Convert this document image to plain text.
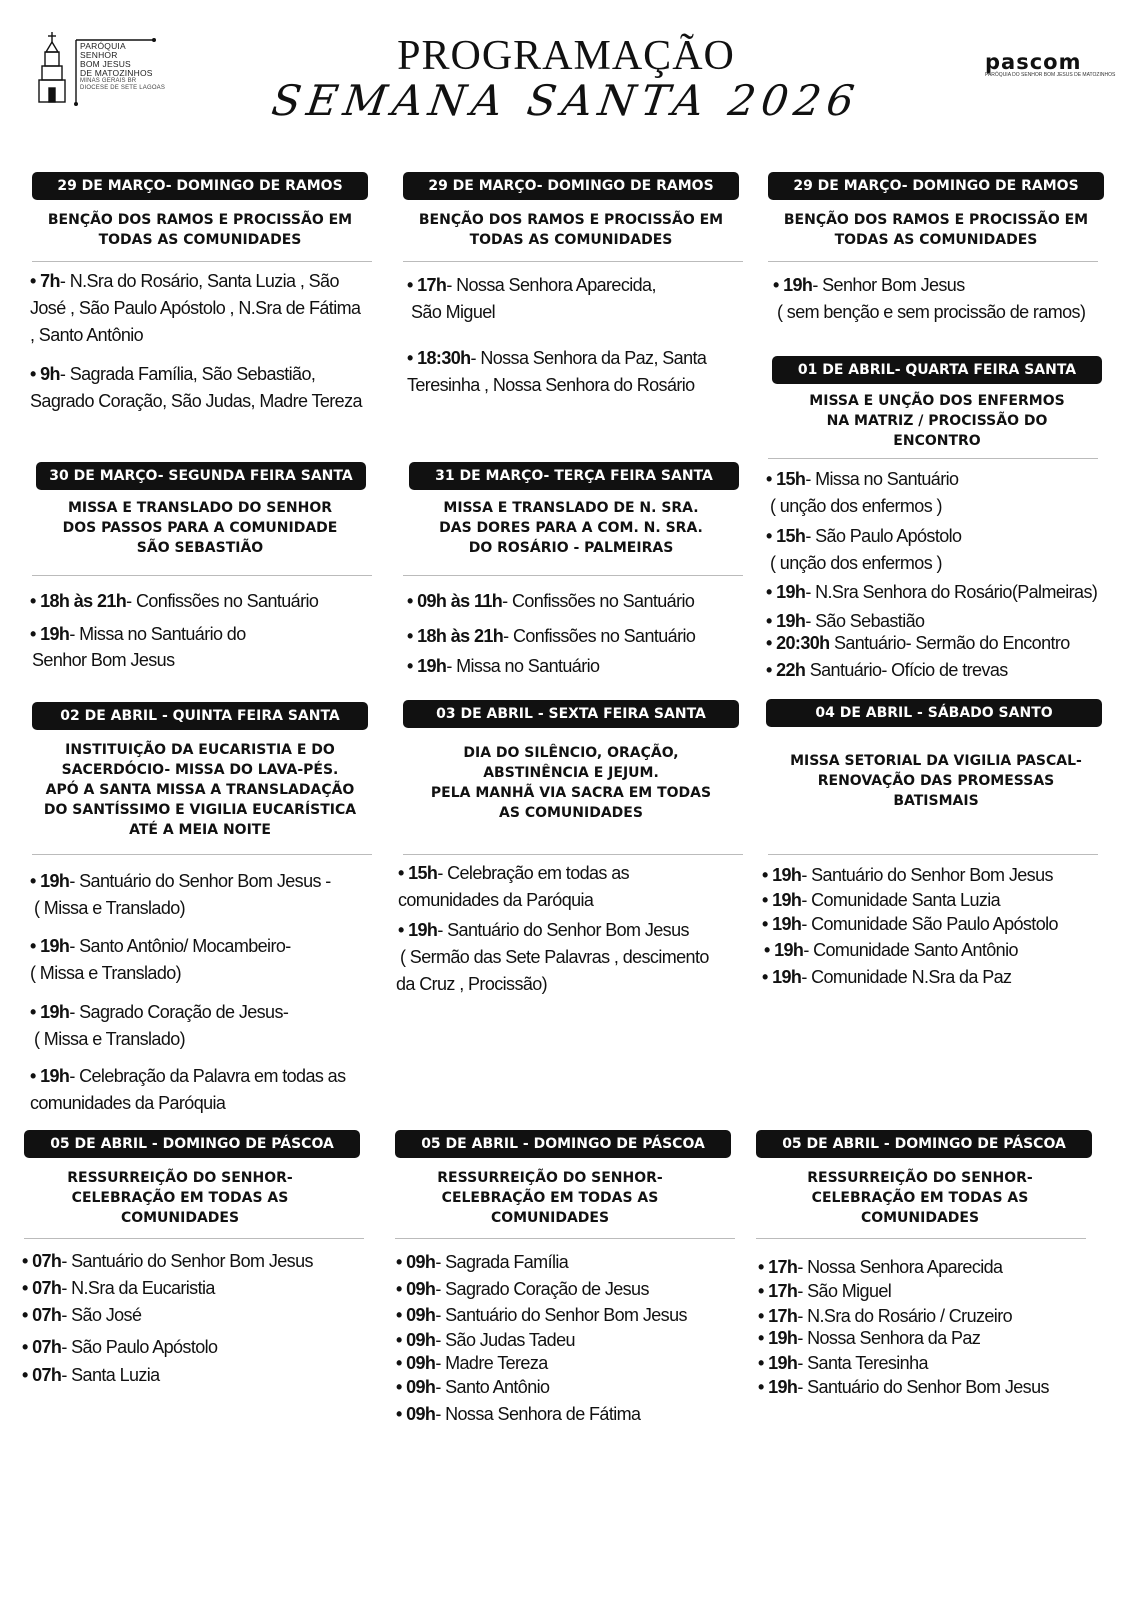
PARÓQUIA
SENHOR
BOM JESUS
DE MATOZINHOS
MINAS GERAIS BR
DIOCESE DE SETE LAGOAS
PROGRAMAÇÃO
SEMANA SANTA 2026
pascom
PARÓQUIA DO SENHOR BOM JESUS DE MATOZINHOS
29 DE MARÇO- DOMINGO DE RAMOS	29 DE MARÇO- DOMINGO DE RAMOS	29 DE MARÇO- DOMINGO DE RAMOS
BENÇÃO DOS RAMOS E PROCISSÃO EM
TODAS AS COMUNIDADES
BENÇÃO DOS RAMOS E PROCISSÃO EM
TODAS AS COMUNIDADES
BENÇÃO DOS RAMOS E PROCISSÃO EM
TODAS AS COMUNIDADES
• 7h- N.Sra do Rosário, Santa Luzia , São
José , São Paulo Apóstolo , N.Sra de Fátima
, Santo Antônio
• 9h- Sagrada Família, São Sebastião,
Sagrado Coração, São Judas, Madre Tereza
• 17h- Nossa Senhora Aparecida,
São Miguel
• 18:30h- Nossa Senhora da Paz, Santa
Teresinha , Nossa Senhora do Rosário
• 19h- Senhor Bom Jesus
( sem benção e sem procissão de ramos)
01 DE ABRIL- QUARTA FEIRA SANTA
MISSA E UNÇÃO DOS ENFERMOS
NA MATRIZ / PROCISSÃO DO
ENCONTRO
• 15h- Missa no Santuário
( unção dos enfermos )
• 15h- São Paulo Apóstolo
( unção dos enfermos )
• 19h- N.Sra Senhora do Rosário(Palmeiras)
• 19h- São Sebastião
• 20:30h Santuário- Sermão do Encontro
• 22h Santuário- Ofício de trevas
30 DE MARÇO- SEGUNDA FEIRA SANTA	31 DE MARÇO- TERÇA FEIRA SANTA
MISSA E TRANSLADO DO SENHOR
DOS PASSOS PARA A COMUNIDADE
SÃO SEBASTIÃO
MISSA E TRANSLADO DE N. SRA.
DAS DORES PARA A COM. N. SRA.
DO ROSÁRIO - PALMEIRAS
• 18h às 21h- Confissões no Santuário
• 19h- Missa no Santuário do
Senhor Bom Jesus
• 09h às 11h- Confissões no Santuário
• 18h às 21h- Confissões no Santuário
• 19h- Missa no Santuário
02 DE ABRIL - QUINTA FEIRA SANTA	03 DE ABRIL - SEXTA FEIRA SANTA	04 DE ABRIL - SÁBADO SANTO
INSTITUIÇÃO DA EUCARISTIA E DO
SACERDÓCIO- MISSA DO LAVA-PÉS.
APÓ A SANTA MISSA A TRANSLADAÇÃO
DO SANTÍSSIMO E VIGILIA EUCARÍSTICA
ATÉ A MEIA NOITE
DIA DO SILÊNCIO, ORAÇÃO,
ABSTINÊNCIA E JEJUM.
PELA MANHÃ VIA SACRA EM TODAS
AS COMUNIDADES
MISSA SETORIAL DA VIGILIA PASCAL-
RENOVAÇÃO DAS PROMESSAS
BATISMAIS
• 19h- Santuário do Senhor Bom Jesus -
( Missa e Translado)
• 19h- Santo Antônio/ Mocambeiro-
( Missa e Translado)
• 19h- Sagrado Coração de Jesus-
( Missa e Translado)
• 19h- Celebração da Palavra em todas as
comunidades da Paróquia
• 15h- Celebração em todas as
comunidades da Paróquia
• 19h- Santuário do Senhor Bom Jesus
( Sermão das Sete Palavras , descimento
da Cruz , Procissão)
• 19h- Santuário do Senhor Bom Jesus
• 19h- Comunidade Santa Luzia
• 19h- Comunidade São Paulo Apóstolo
• 19h- Comunidade Santo Antônio
• 19h- Comunidade N.Sra da Paz
05 DE ABRIL - DOMINGO DE PÁSCOA	05 DE ABRIL - DOMINGO DE PÁSCOA	05 DE ABRIL - DOMINGO DE PÁSCOA
RESSURREIÇÃO DO SENHOR-
CELEBRAÇÃO EM TODAS AS
COMUNIDADES
RESSURREIÇÃO DO SENHOR-
CELEBRAÇÃO EM TODAS AS
COMUNIDADES
RESSURREIÇÃO DO SENHOR-
CELEBRAÇÃO EM TODAS AS
COMUNIDADES
• 07h- Santuário do Senhor Bom Jesus
• 07h- N.Sra da Eucaristia
• 07h- São José
• 07h- São Paulo Apóstolo
• 07h- Santa Luzia
• 09h- Sagrada Família
• 09h- Sagrado Coração de Jesus
• 09h- Santuário do Senhor Bom Jesus
• 09h- São Judas Tadeu
• 09h- Madre Tereza
• 09h- Santo Antônio
• 09h- Nossa Senhora de Fátima
• 17h- Nossa Senhora Aparecida
• 17h- São Miguel
• 17h- N.Sra do Rosário / Cruzeiro
• 19h- Nossa Senhora da Paz
• 19h- Santa Teresinha
• 19h- Santuário do Senhor Bom Jesus
